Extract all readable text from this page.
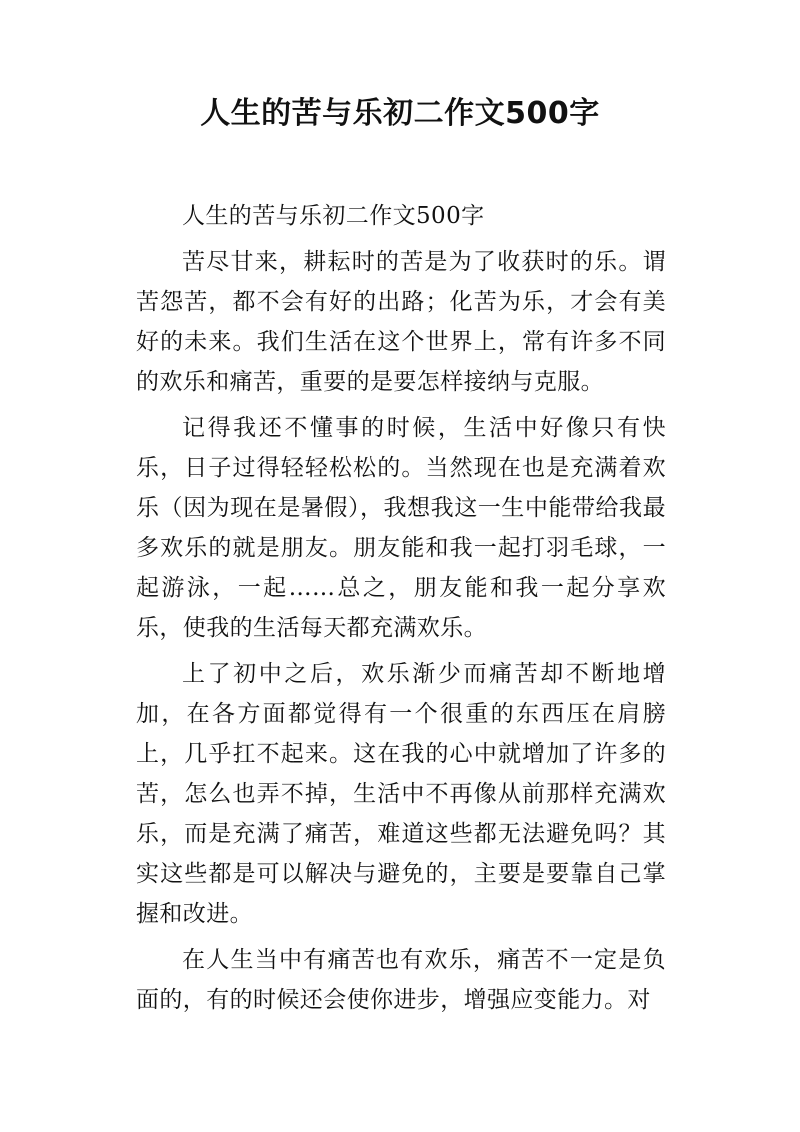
人生的苦与乐初二作文500字

人生的苦与乐初二作文500字

苦尽甘来，耕耘时的苦是为了收获时的乐。谓苦怨苦，都不会有好的出路；化苦为乐，才会有美好的未来。我们生活在这个世界上，常有许多不同的欢乐和痛苦，重要的是要怎样接纳与克服。

记得我还不懂事的时候，生活中好像只有快乐，日子过得轻轻松松的。当然现在也是充满着欢乐（因为现在是暑假），我想我这一生中能带给我最多欢乐的就是朋友。朋友能和我一起打羽毛球，一起游泳，一起……总之，朋友能和我一起分享欢乐，使我的生活每天都充满欢乐。

上了初中之后，欢乐渐少而痛苦却不断地增加，在各方面都觉得有一个很重的东西压在肩膀上，几乎扛不起来。这在我的心中就增加了许多的苦，怎么也弄不掉，生活中不再像从前那样充满欢乐，而是充满了痛苦，难道这些都无法避免吗？其实这些都是可以解决与避免的，主要是要靠自己掌握和改进。

在人生当中有痛苦也有欢乐，痛苦不一定是负面的，有的时候还会使你进步，增强应变能力。对
